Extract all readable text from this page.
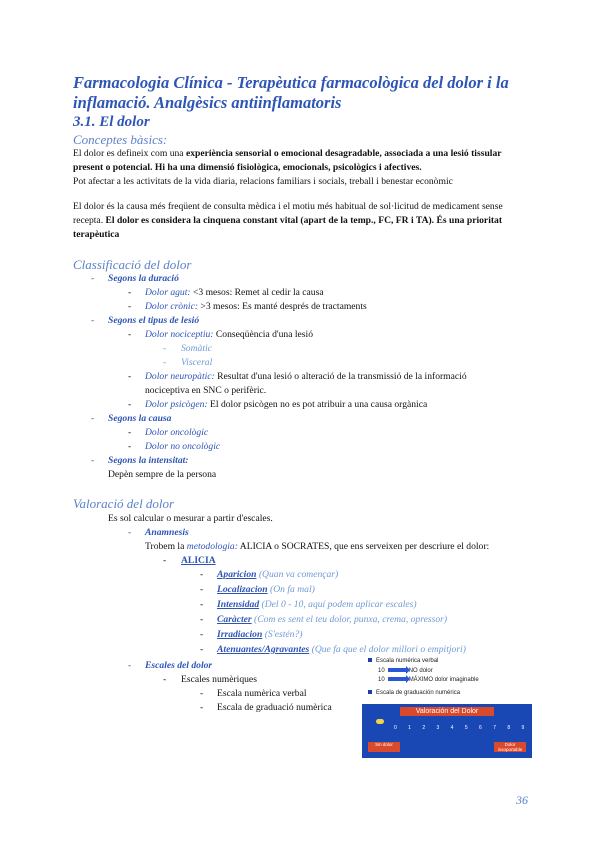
Farmacologia Clínica - Terapèutica farmacològica del dolor i la
inflamació. Analgèsics antiinflamatoris
3.1. El dolor
Conceptes bàsics:
El dolor es defineix com una experiència sensorial o emocional desagradable, associada a una lesió tissular
present o potencial. Hi ha una dimensió fisiològica, emocionals, psicològics i afectives.
Pot afectar a les activitats de la vida diaria, relacions familiars i socials, treball i benestar econòmic
El dolor és la causa més freqüent de consulta mèdica i el motiu més habitual de sol·licitud de medicament sense
recepta. El dolor es considera la cinquena constant vital (apart de la temp., FC, FR i TA). És una prioritat
terapèutica
Classificació del dolor
- Segons la duració
- Dolor agut: <3 mesos: Remet al cedir la causa
- Dolor crònic: >3 mesos: Es manté després de tractaments
- Segons el tipus de lesió
- Dolor nociceptiu: Conseqüència d'una lesió
- Somàtic
- Visceral
- Dolor neuropàtic: Resultat d'una lesió o alteració de la transmissió de la informació
nociceptiva en SNC o perifèric.
- Dolor psicògen: El dolor psicògen no es pot atribuir a una causa orgànica
- Segons la causa
- Dolor oncològic
- Dolor no oncològic
- Segons la intensitat:
Depèn sempre de la persona
Valoració del dolor
Es sol calcular o mesurar a partir d'escales.
- Anamnesis
Trobem la metodologia: ALICIA o SOCRATES, que ens serveixen per descriure el dolor:
- ALICIA
- Aparicion (Quan va començar)
- Localizacion (On fa mal)
- Intensidad (Del 0 - 10, aquí podem aplicar escales)
- Caràcter (Com es sent el teu dolor, punxa, crema, opressor)
- Irradiacion (S'estén?)
- Atenuantes/Agravantes (Que fa que el dolor millori o empitjori)
- Escales del dolor
- Escales numèriques
- Escala numèrica verbal
- Escala de graduació numèrica
Escala numérica verbal
10	NO dolor
10	MÁXIMO dolor imaginable
Escala de graduación numérica
Valoración del Dolor
0 1 2 3 4 5 6 7 8 9 10
Sin dolor	Dolor insoportable
36
